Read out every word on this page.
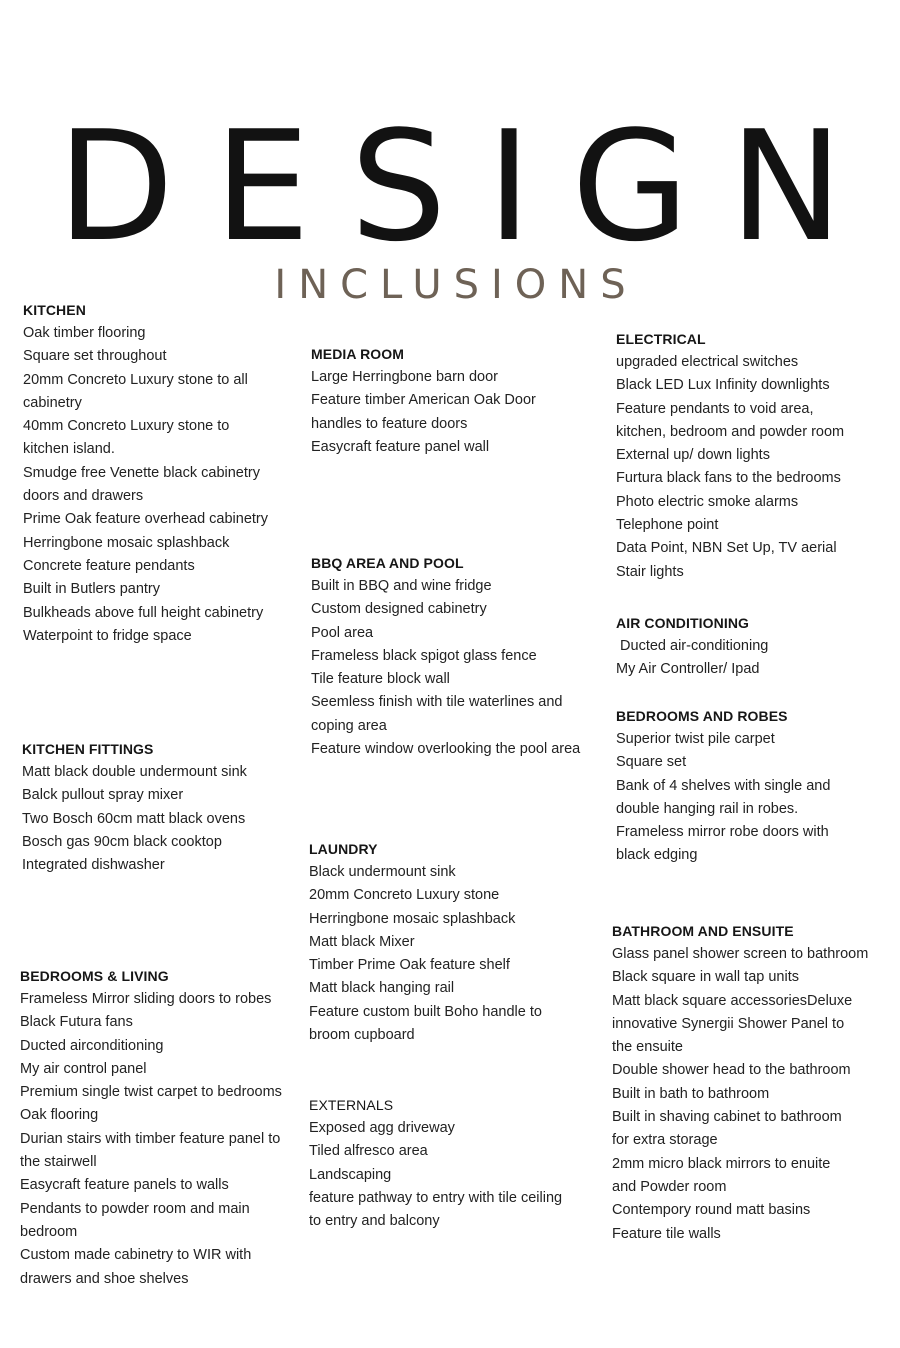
DESIGN
INCLUSIONS
KITCHEN
Oak timber flooring
Square set throughout
20mm Concreto Luxury stone to all cabinetry
40mm Concreto Luxury stone to kitchen island.
Smudge free Venette black cabinetry doors and drawers
Prime Oak feature overhead cabinetry
Herringbone mosaic splashback
Concrete feature pendants
Built in Butlers pantry
Bulkheads above full height cabinetry
Waterpoint to fridge space
KITCHEN FITTINGS
Matt black double undermount sink
Balck pullout spray mixer
Two Bosch 60cm matt black ovens
Bosch gas 90cm black cooktop
Integrated dishwasher
BEDROOMS & LIVING
Frameless Mirror sliding doors to robes
Black Futura fans
Ducted airconditioning
My air control panel
Premium single twist carpet to bedrooms
Oak flooring
Durian stairs with timber feature panel to the stairwell
Easycraft feature panels to walls
Pendants to powder room and main bedroom
Custom made cabinetry to WIR with drawers and shoe shelves
MEDIA ROOM
Large Herringbone barn door
Feature timber American Oak Door handles to feature doors
Easycraft feature panel wall
BBQ AREA AND POOL
Built in BBQ and wine fridge
Custom designed cabinetry
Pool area
Frameless black spigot glass fence
Tile feature block wall
Seemless finish with tile waterlines and coping area
Feature window overlooking the pool area
LAUNDRY
Black undermount sink
20mm Concreto Luxury stone
Herringbone mosaic splashback
Matt black Mixer
Timber Prime Oak feature shelf
Matt black hanging rail
Feature custom built Boho handle to broom cupboard
EXTERNALS
Exposed agg driveway
Tiled alfresco area
Landscaping
feature pathway to entry with tile ceiling to entry and balcony
ELECTRICAL
upgraded electrical switches
Black LED Lux Infinity downlights
Feature pendants to void area, kitchen, bedroom and powder room
External up/ down lights
Furtura black fans to the bedrooms
Photo electric smoke alarms
Telephone point
Data Point, NBN Set Up, TV aerial
Stair lights
AIR CONDITIONING
Ducted air-conditioning
My Air Controller/ Ipad
BEDROOMS AND ROBES
Superior twist pile carpet
Square set
Bank of 4 shelves with single and double hanging rail in robes.
Frameless mirror robe doors with black edging
BATHROOM AND ENSUITE
Glass panel shower screen to bathroom
Black square in wall tap units
Matt black square accessoriesDeluxe innovative Synergii Shower Panel to the ensuite
Double shower head to the bathroom
Built in bath to bathroom
Built in shaving cabinet to bathroom for extra storage
2mm micro black mirrors to enuite and Powder room
Contempory round matt basins
Feature tile walls
